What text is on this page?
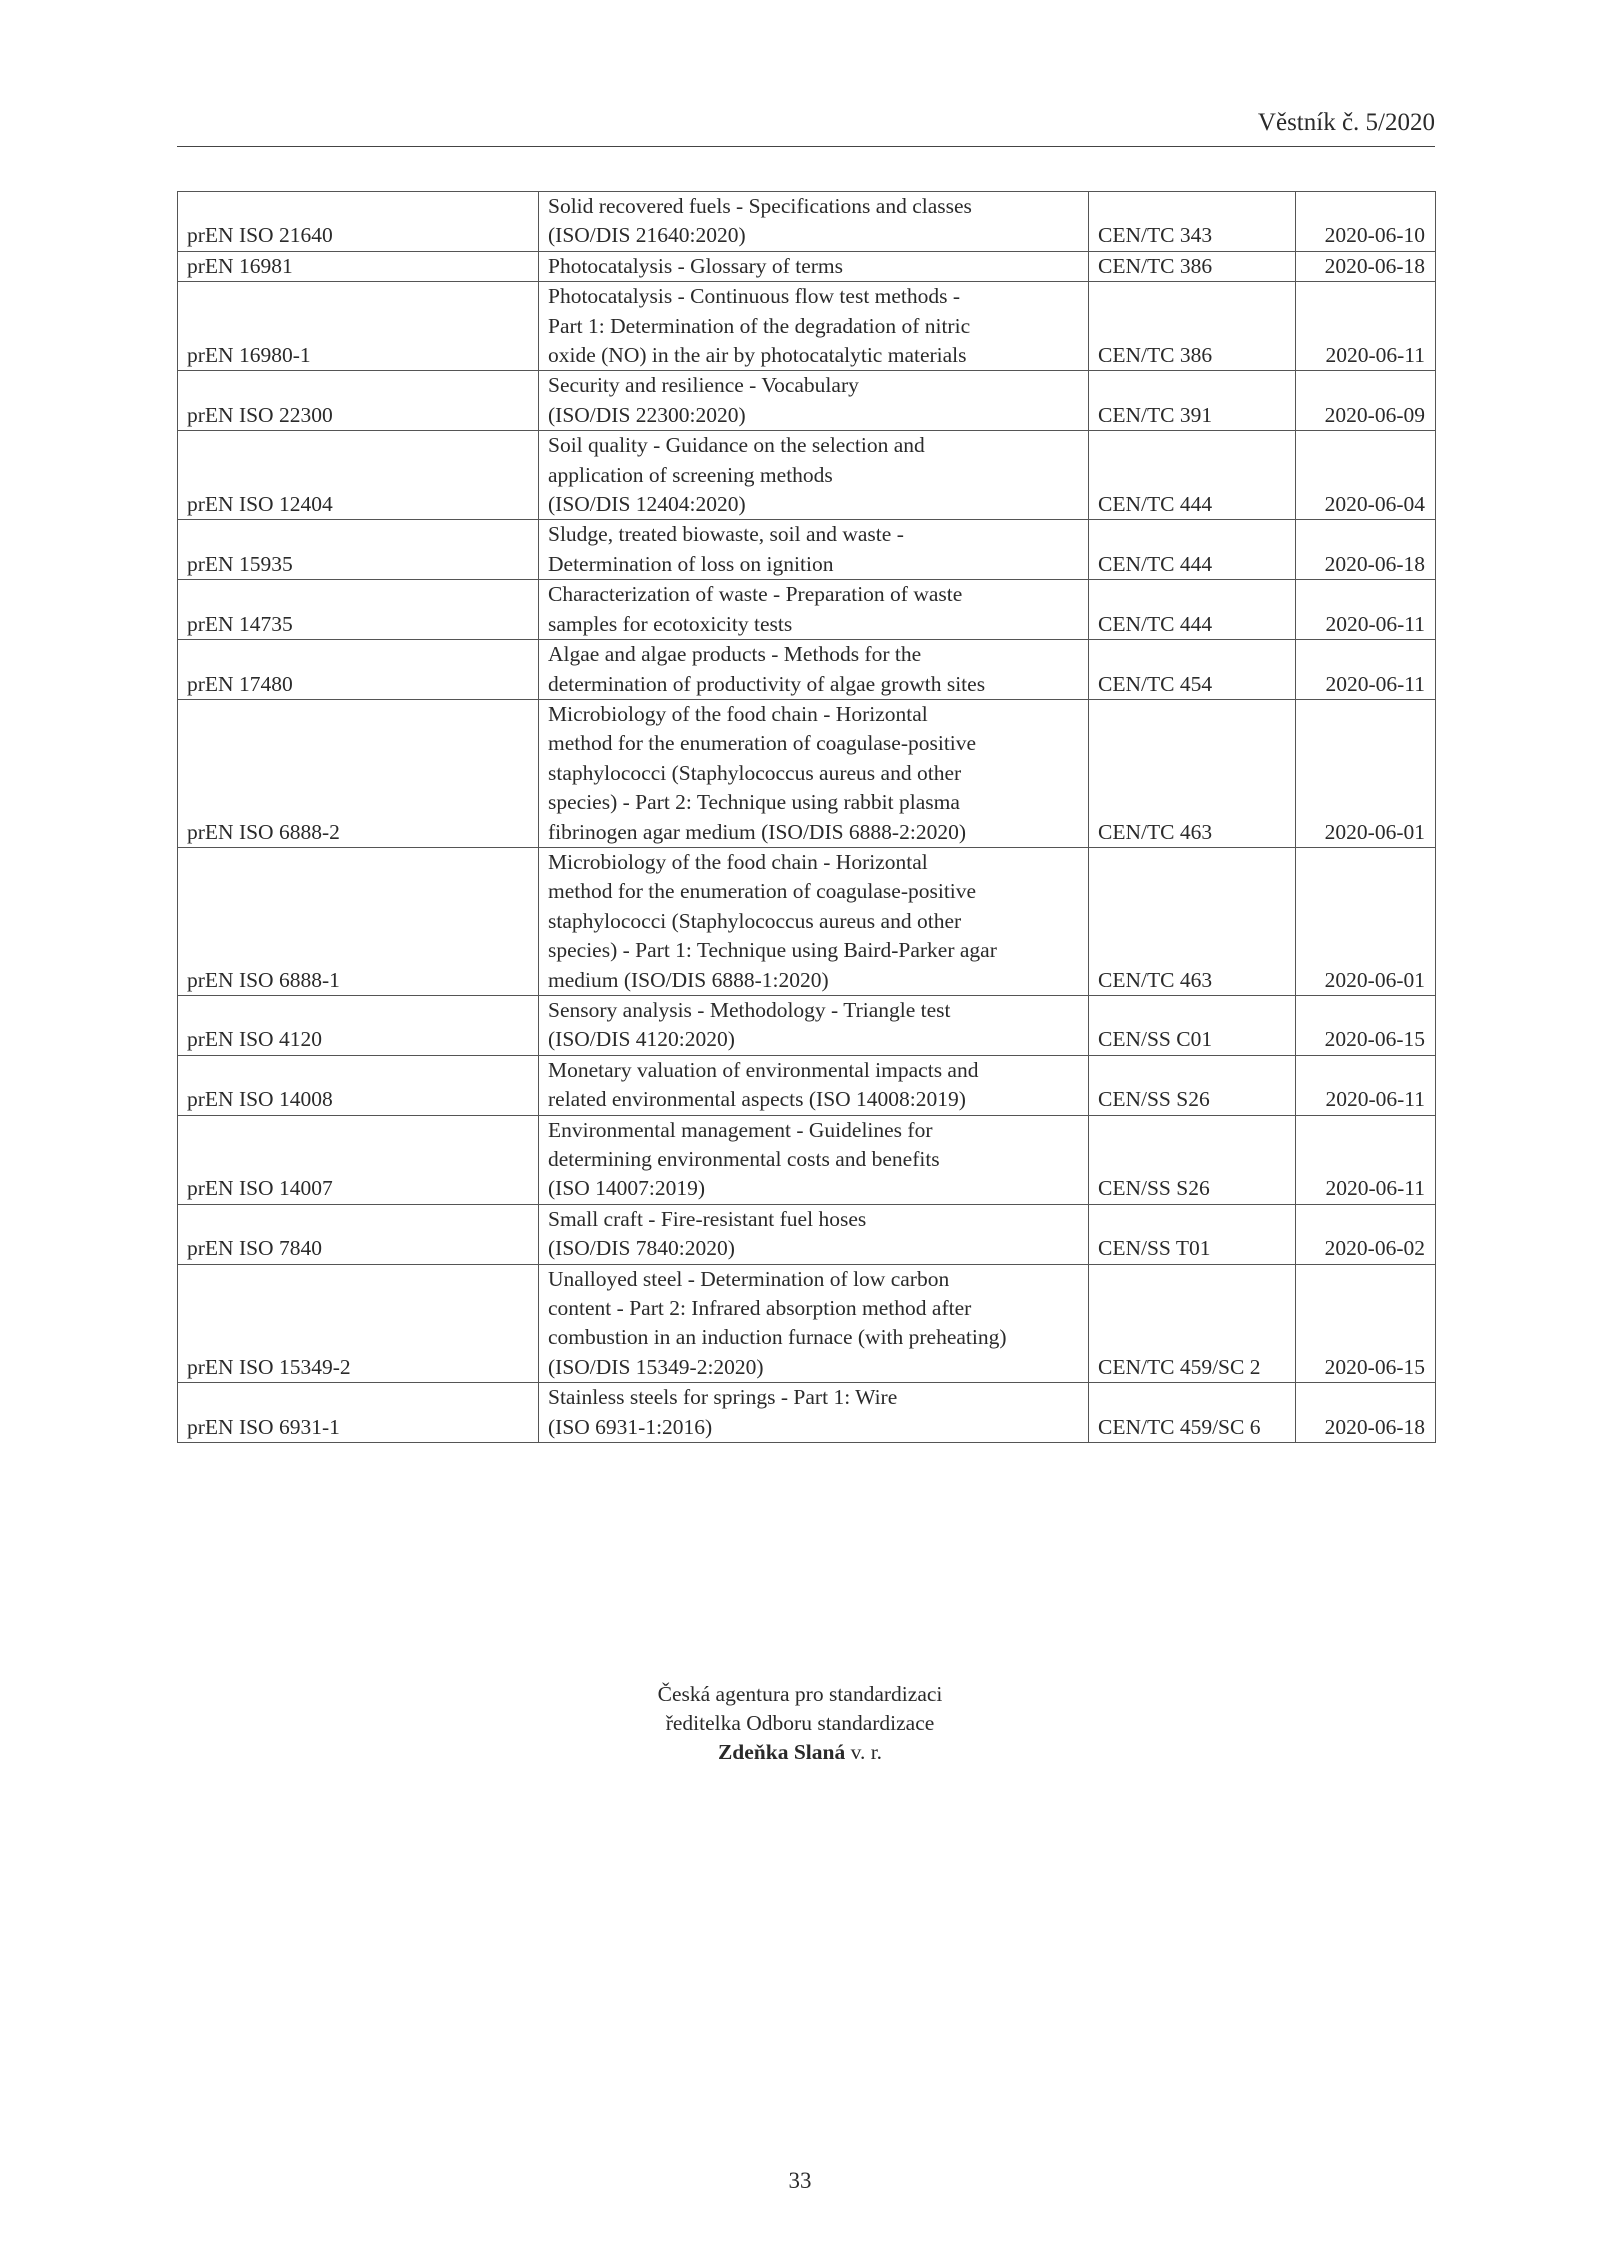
Věstník č. 5/2020
prEN ISO 21640	Solid recovered fuels - Specifications and classes
(ISO/DIS 21640:2020)	CEN/TC 343	2020-06-10
prEN 16981	Photocatalysis - Glossary of terms	CEN/TC 386	2020-06-18
prEN 16980-1	Photocatalysis - Continuous flow test methods -
Part 1: Determination of the degradation of nitric
oxide (NO) in the air by photocatalytic materials	CEN/TC 386	2020-06-11
prEN ISO 22300	Security and resilience - Vocabulary
(ISO/DIS 22300:2020)	CEN/TC 391	2020-06-09
prEN ISO 12404	Soil quality - Guidance on the selection and
application of screening methods
(ISO/DIS 12404:2020)	CEN/TC 444	2020-06-04
prEN 15935	Sludge, treated biowaste, soil and waste -
Determination of loss on ignition	CEN/TC 444	2020-06-18
prEN 14735	Characterization of waste - Preparation of waste
samples for ecotoxicity tests	CEN/TC 444	2020-06-11
prEN 17480	Algae and algae products - Methods for the
determination of productivity of algae growth sites	CEN/TC 454	2020-06-11
prEN ISO 6888-2	Microbiology of the food chain - Horizontal
method for the enumeration of coagulase-positive
staphylococci (Staphylococcus aureus and other
species) - Part 2: Technique using rabbit plasma
fibrinogen agar medium (ISO/DIS 6888-2:2020)	CEN/TC 463	2020-06-01
prEN ISO 6888-1	Microbiology of the food chain - Horizontal
method for the enumeration of coagulase-positive
staphylococci (Staphylococcus aureus and other
species) - Part 1: Technique using Baird-Parker agar
medium (ISO/DIS 6888-1:2020)	CEN/TC 463	2020-06-01
prEN ISO 4120	Sensory analysis - Methodology - Triangle test
(ISO/DIS 4120:2020)	CEN/SS C01	2020-06-15
prEN ISO 14008	Monetary valuation of environmental impacts and
related environmental aspects (ISO 14008:2019)	CEN/SS S26	2020-06-11
prEN ISO 14007	Environmental management - Guidelines for
determining environmental costs and benefits
(ISO 14007:2019)	CEN/SS S26	2020-06-11
prEN ISO 7840	Small craft - Fire-resistant fuel hoses
(ISO/DIS 7840:2020)	CEN/SS T01	2020-06-02
prEN ISO 15349-2	Unalloyed steel - Determination of low carbon
content - Part 2: Infrared absorption method after
combustion in an induction furnace (with preheating)
(ISO/DIS 15349-2:2020)	CEN/TC 459/SC 2	2020-06-15
prEN ISO 6931-1	Stainless steels for springs - Part 1: Wire
(ISO 6931-1:2016)	CEN/TC 459/SC 6	2020-06-18
Česká agentura pro standardizaci
ředitelka Odboru standardizace
Zdeňka Slaná v. r.
33
